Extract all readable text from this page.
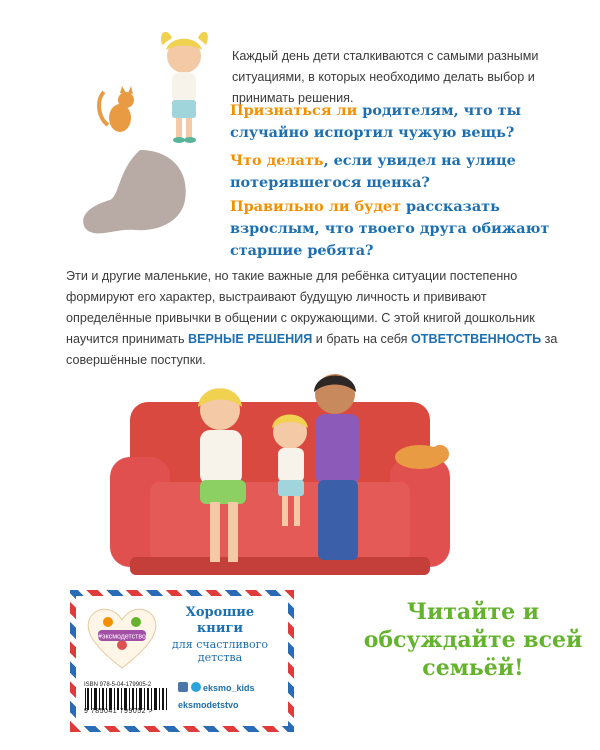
Каждый день дети сталкиваются с самыми разными ситуациями, в которых необходимо делать выбор и принимать решения.
Признаться ли родителям, что ты случайно испортил чужую вещь?
Что делать, если увидел на улице потерявшегося щенка?
Правильно ли будет рассказать взрослым, что твоего друга обижают старшие ребята?
Эти и другие маленькие, но такие важные для ребёнка ситуации постепенно формируют его характер, выстраивают будущую личность и прививают определённые привычки в общении с окружающими. С этой книгой дошкольник научится принимать ВЕРНЫЕ РЕШЕНИЯ и брать на себя ОТВЕТСТВЕННОСТЬ за совершённые поступки.
#эксмодетство
Хорошие книги
для счастливого детства
ISBN 978-5-04-179905-2
9 785041 799052 >
eksmo_kids
eksmodetstvo
Читайте и обсуждайте всей семьёй!
